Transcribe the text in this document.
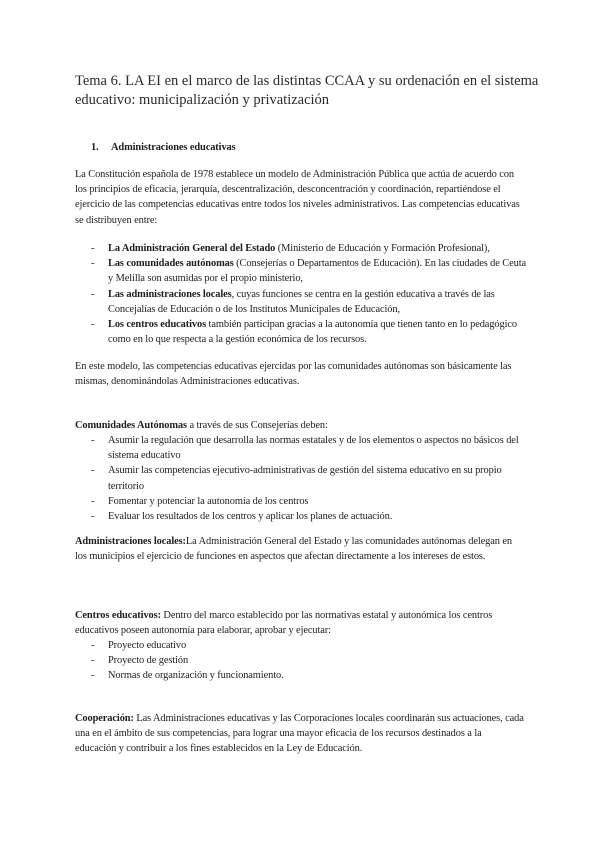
Tema 6. LA EI en el marco de las distintas CCAA y su ordenación en el sistema educativo: municipalización y privatización
1. Administraciones educativas

La Constitución española de 1978 establece un modelo de Administración Pública que actúa de acuerdo con los principios de eficacia, jerarquía, descentralización, desconcentración y coordinación, repartiéndose el ejercicio de las competencias educativas entre todos los niveles administrativos. Las competencias educativas se distribuyen entre:

- La Administración General del Estado (Ministerio de Educación y Formación Profesional),
- Las comunidades autónomas (Consejerías o Departamentos de Educación). En las ciudades de Ceuta y Melilla son asumidas por el propio ministerio,
- Las administraciones locales, cuyas funciones se centra en la gestión educativa a través de las Concejalías de Educación o de los Institutos Municipales de Educación,
- Los centros educativos también participan gracias a la autonomía que tienen tanto en lo pedagógico como en lo que respecta a la gestión económica de los recursos.

En este modelo, las competencias educativas ejercidas por las comunidades autónomas son básicamente las mismas, denominándolas Administraciones educativas.

Comunidades Autónomas a través de sus Consejerías deben:

- Asumir la regulación que desarrolla las normas estatales y de los elementos o aspectos no básicos del sistema educativo
- Asumir las competencias ejecutivo-administrativas de gestión del sistema educativo en su propio territorio
- Fomentar y potenciar la autonomía de los centros
- Evaluar los resultados de los centros y aplicar los planes de actuación.

Administraciones locales:La Administración General del Estado y las comunidades autónomas delegan en los municipios el ejercicio de funciones en aspectos que afectan directamente a los intereses de estos.

Centros educativos: Dentro del marco establecido por las normativas estatal y autonómica los centros educativos poseen autonomía para elaborar, aprobar y ejecutar:

- Proyecto educativo
- Proyecto de gestión
- Normas de organización y funcionamiento.

Cooperación: Las Administraciones educativas y las Corporaciones locales coordinarán sus actuaciones, cada una en el ámbito de sus competencias, para lograr una mayor eficacia de los recursos destinados a la educación y contribuir a los fines establecidos en la Ley de Educación.
